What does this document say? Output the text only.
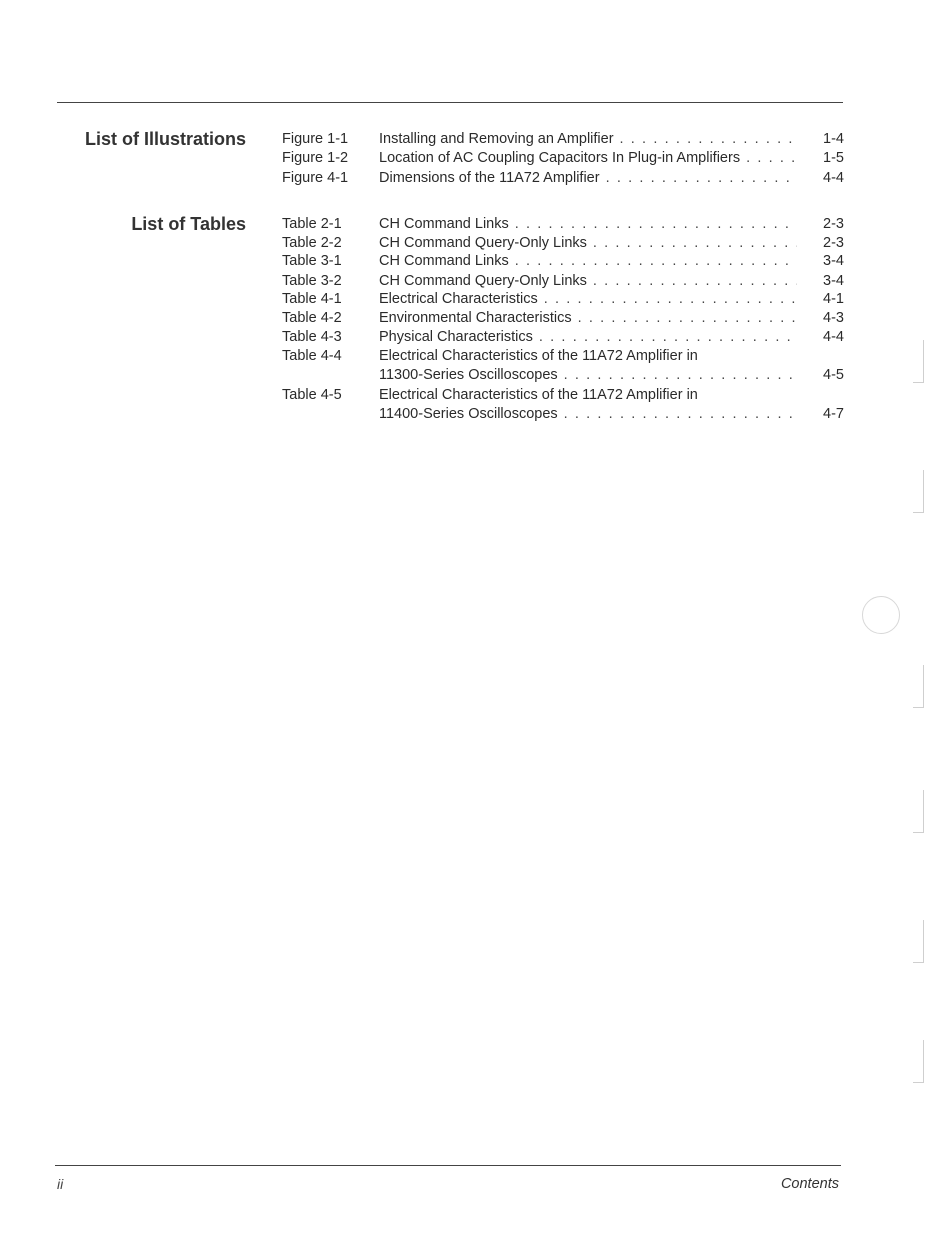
List of Illustrations
List of Tables
Figure 1-1 Installing and Removing an Amplifier . . .	1-4
Figure 1-2 Location of AC Coupling Capacitors In Plug-in Amplifiers . . .	1-5
Figure 4-1 Dimensions of the 11A72 Amplifier . . .	4-4
Table 2-1	CH Command Links . . .	2-3
Table 2-2	CH Command Query-Only Links . . .	2-3
Table 3-1	CH Command Links . . .	3-4
Table 3-2	CH Command Query-Only Links . . .	3-4
Table 4-1	Electrical Characteristics . . .	4-1
Table 4-2	Environmental Characteristics . . .	4-3
Table 4-3	Physical Characteristics . . .	4-4
Table 4-4	Electrical Characteristics of the 11A72 Amplifier in
11300-Series Oscilloscopes . . .	4-5
Table 4-5	Electrical Characteristics of the 11A72 Amplifier in
11400-Series Oscilloscopes . . .	4-7
ii	Contents
